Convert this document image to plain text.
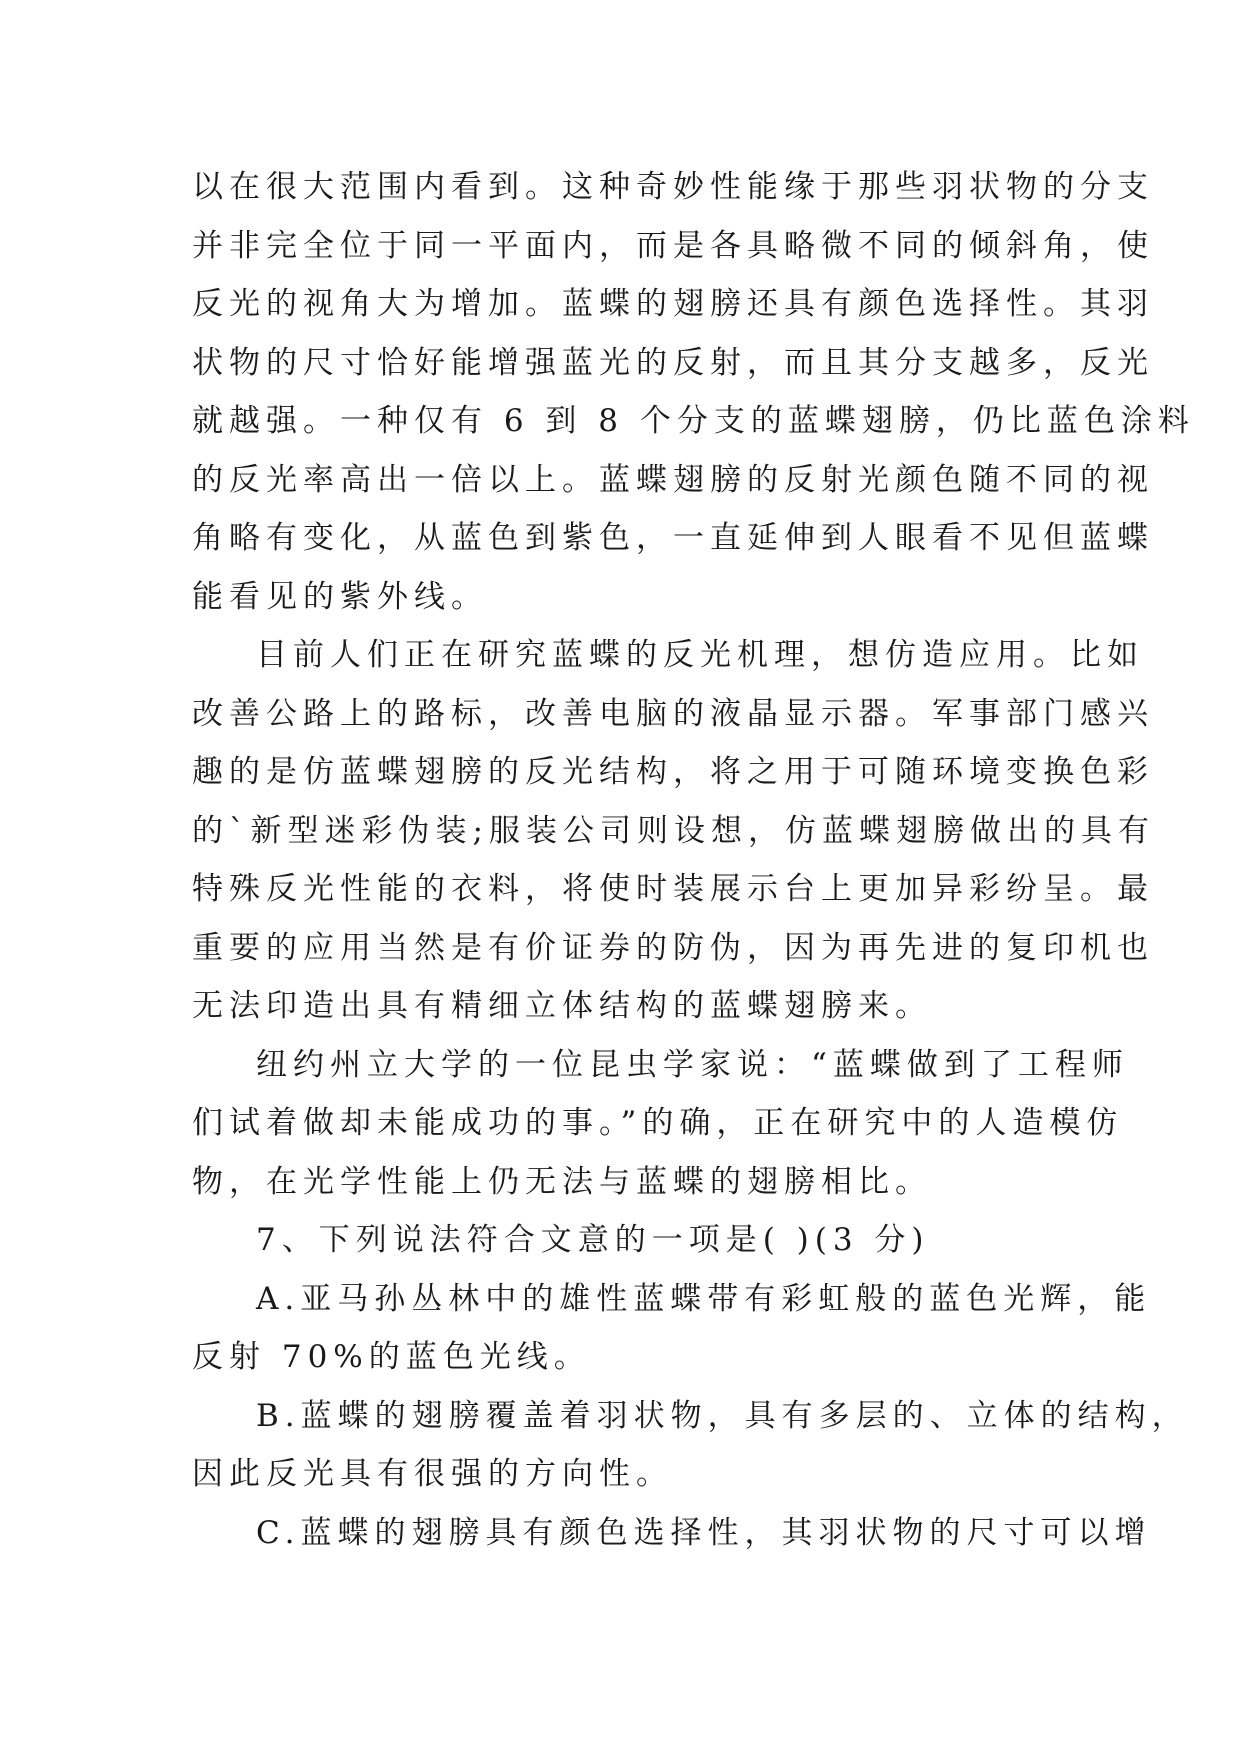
以在很大范围内看到。这种奇妙性能缘于那些羽状物的分支
并非完全位于同一平面内，而是各具略微不同的倾斜角，使
反光的视角大为增加。蓝蝶的翅膀还具有颜色选择性。其羽
状物的尺寸恰好能增强蓝光的反射，而且其分支越多，反光
就越强。一种仅有 6 到 8 个分支的蓝蝶翅膀，仍比蓝色涂料
的反光率高出一倍以上。蓝蝶翅膀的反射光颜色随不同的视
角略有变化，从蓝色到紫色，一直延伸到人眼看不见但蓝蝶
能看见的紫外线。
目前人们正在研究蓝蝶的反光机理，想仿造应用。比如
改善公路上的路标，改善电脑的液晶显示器。军事部门感兴
趣的是仿蓝蝶翅膀的反光结构，将之用于可随环境变换色彩
的`新型迷彩伪装;服装公司则设想，仿蓝蝶翅膀做出的具有
特殊反光性能的衣料，将使时装展示台上更加异彩纷呈。最
重要的应用当然是有价证券的防伪，因为再先进的复印机也
无法印造出具有精细立体结构的蓝蝶翅膀来。
纽约州立大学的一位昆虫学家说：“蓝蝶做到了工程师
们试着做却未能成功的事。”的确，正在研究中的人造模仿
物，在光学性能上仍无法与蓝蝶的翅膀相比。
7、下列说法符合文意的一项是( )(3 分)
A.亚马孙丛林中的雄性蓝蝶带有彩虹般的蓝色光辉，能
反射 70%的蓝色光线。
B.蓝蝶的翅膀覆盖着羽状物，具有多层的、立体的结构，
因此反光具有很强的方向性。
C.蓝蝶的翅膀具有颜色选择性，其羽状物的尺寸可以增
